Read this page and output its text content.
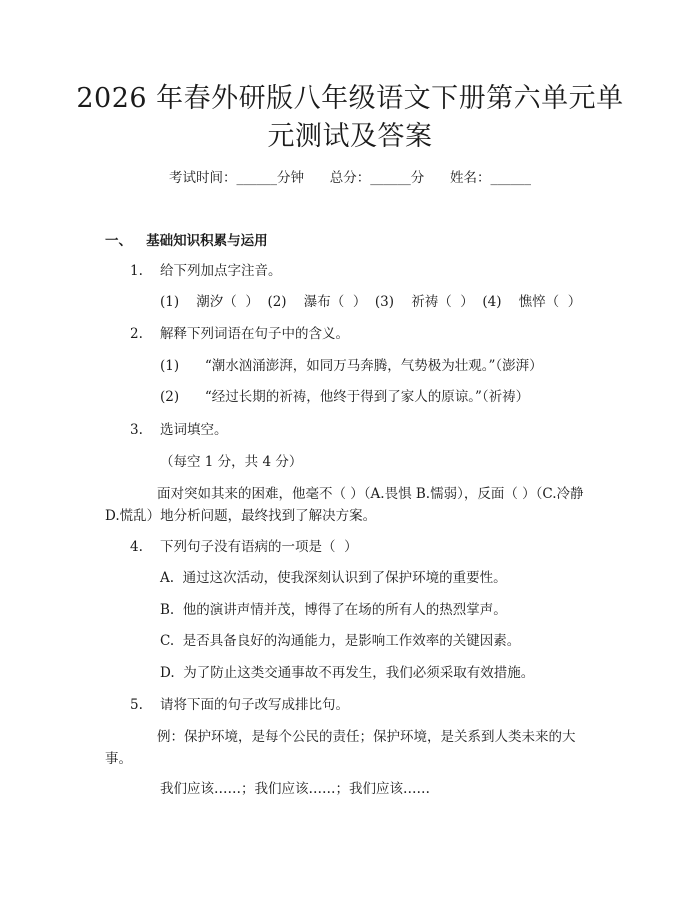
2026 年春外研版八年级语文下册第六单元单
元测试及答案
考试时间：______分钟      总分：______分      姓名：______
一、   基础知识积累与运用
1.    给下列加点字注音。
(1)    潮汐（  ）  (2)    瀑布（  ）  (3)    祈祷（  ）  (4)    憔悴（  ）
2.    解释下列词语在句子中的含义。
(1)      “潮水汹涌澎湃，如同万马奔腾，气势极为壮观。”（澎湃）
(2)      “经过长期的祈祷，他终于得到了家人的原谅。”（祈祷）
3.    选词填空。
（每空 1 分，共 4 分）
面对突如其来的困难，他毫不（ ）（A.畏惧 B.懦弱），反面（ ）（C.冷静 D.慌乱）地分析问题，最终找到了解决方案。
4.    下列句子没有语病的一项是（  ）
A.  通过这次活动，使我深刻认识到了保护环境的重要性。
B.  他的演讲声情并茂，博得了在场的所有人的热烈掌声。
C.  是否具备良好的沟通能力，是影响工作效率的关键因素。
D.  为了防止这类交通事故不再发生，我们必须采取有效措施。
5.    请将下面的句子改写成排比句。
例：保护环境，是每个公民的责任；保护环境，是关系到人类未来的大事。
我们应该……；我们应该……；我们应该……
